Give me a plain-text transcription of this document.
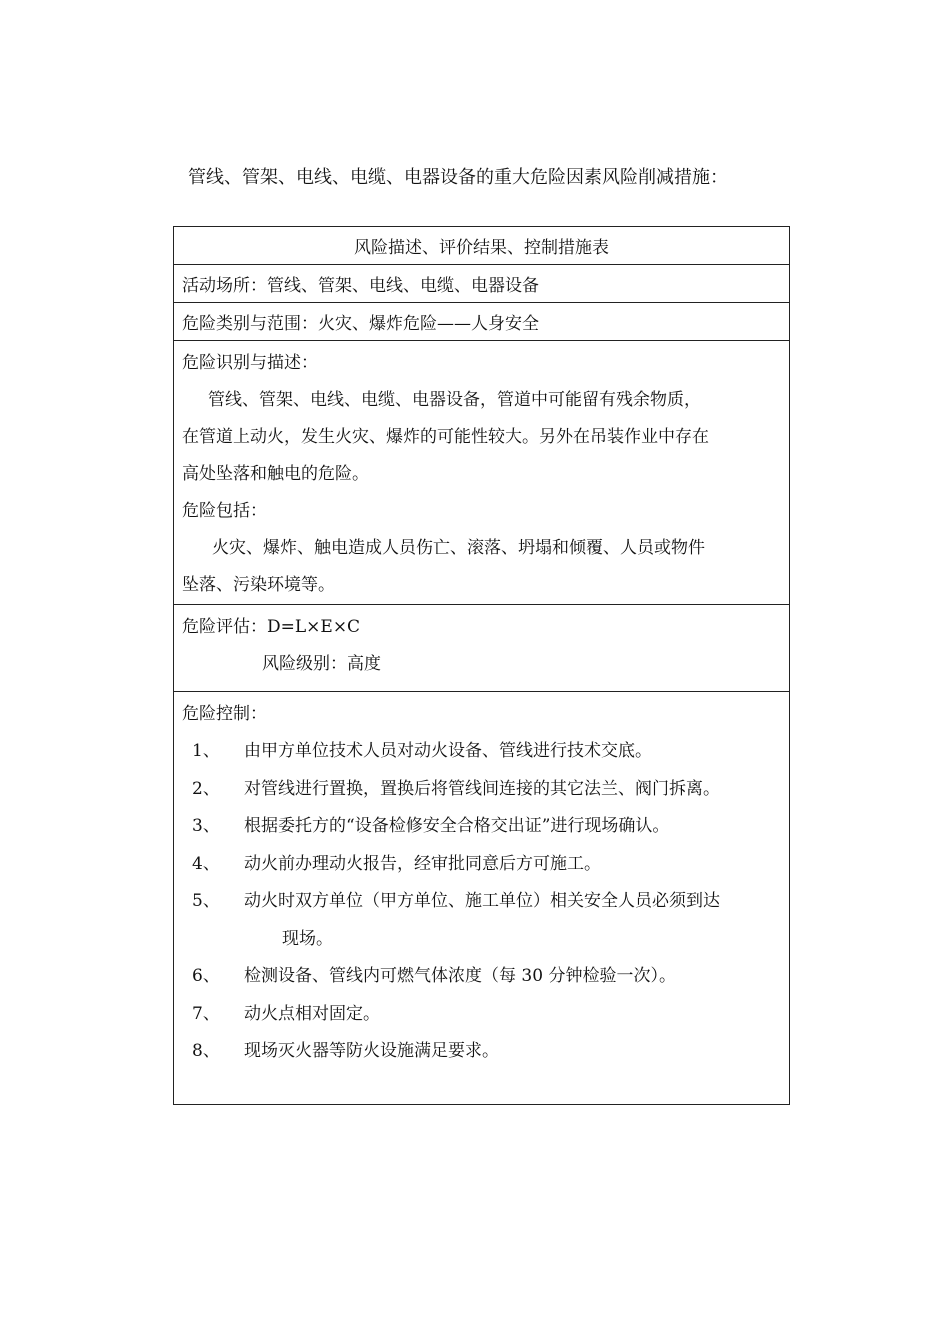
管线、管架、电线、电缆、电器设备的重大危险因素风险削减措施：
风险描述、评价结果、控制措施表
活动场所：管线、管架、电线、电缆、电器设备
危险类别与范围：火灾、爆炸危险——人身安全
危险识别与描述：
管线、管架、电线、电缆、电器设备，管道中可能留有残余物质，
在管道上动火，发生火灾、爆炸的可能性较大。另外在吊装作业中存在
高处坠落和触电的危险。
危险包括：
火灾、爆炸、触电造成人员伤亡、滚落、坍塌和倾覆、人员或物件
坠落、污染环境等。
危险评估：D=L×E×C
风险级别：高度
危险控制：
1、	由甲方单位技术人员对动火设备、管线进行技术交底。
2、	对管线进行置换，置换后将管线间连接的其它法兰、阀门拆离。
3、	根据委托方的“设备检修安全合格交出证”进行现场确认。
4、	动火前办理动火报告，经审批同意后方可施工。
5、	动火时双方单位（甲方单位、施工单位）相关安全人员必须到达
现场。
6、	检测设备、管线内可燃气体浓度（每 30 分钟检验一次）。
7、	动火点相对固定。
8、	现场灭火器等防火设施满足要求。
